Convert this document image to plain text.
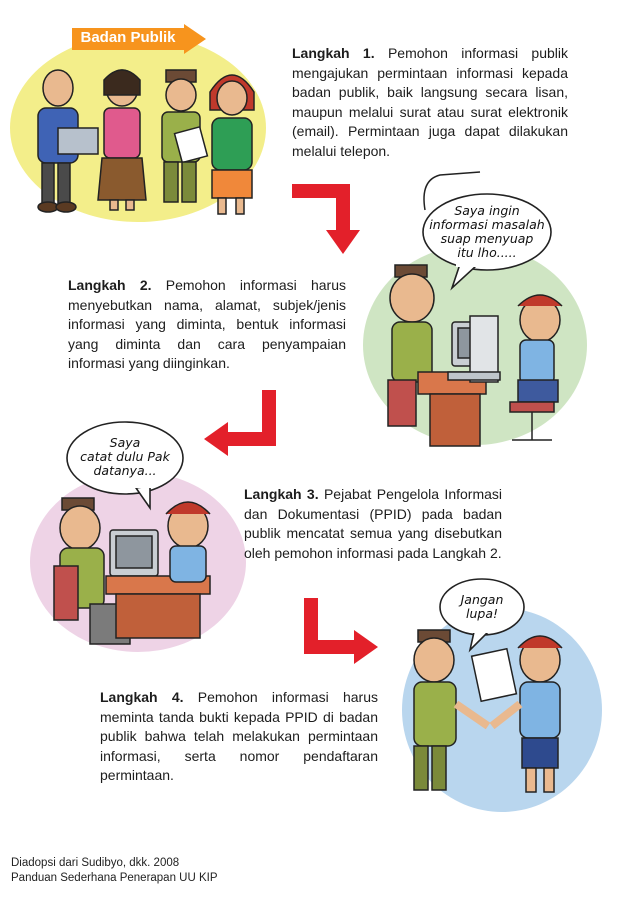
Badan Publik
Saya ingin
informasi masalah
suap menyuap
itu lho.....
Saya
catat dulu Pak
datanya...
Jangan
lupa!
Langkah 1. Pemohon informasi publik mengajukan permintaan informasi kepada badan publik, baik langsung secara lisan, maupun melalui surat atau surat elektronik (email). Permintaan juga dapat dilakukan melalui telepon.
Langkah 2. Pemohon informasi harus menyebutkan nama, alamat, subjek/jenis informasi yang diminta, bentuk informasi yang diminta dan cara penyampaian informasi yang diinginkan.
Langkah 3. Pejabat Pengelola Informasi dan Dokumentasi (PPID) pada badan publik mencatat semua yang disebutkan oleh pemohon informasi pada Langkah 2.
Langkah 4. Pemohon informasi harus meminta tanda bukti kepada PPID di badan publik bahwa telah melakukan permintaan informasi, serta nomor pendaftaran permintaan.
Diadopsi dari Sudibyo, dkk. 2008
Panduan Sederhana Penerapan UU KIP
